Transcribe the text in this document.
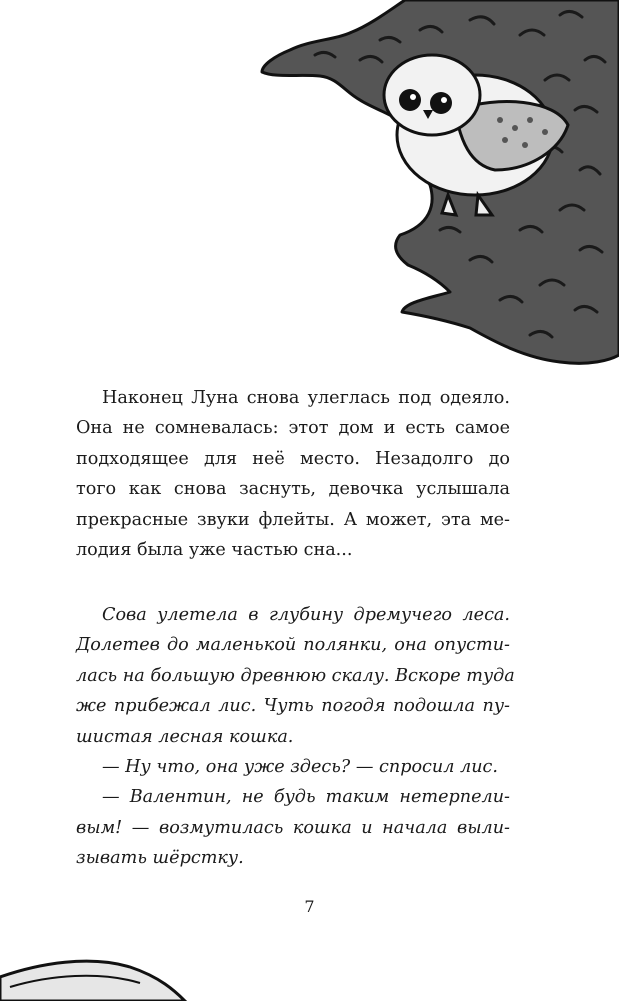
Наконец Луна снова улеглась под одеяло.
Она не сомневалась: этот дом и есть самое
подходящее для неё место. Незадолго до
того как снова заснуть, девочка услышала
прекрасные звуки флейты. А может, эта ме-
лодия была уже частью сна...
Сова улетела в глубину дремучего леса.
Долетев до маленькой полянки, она опусти-
лась на большую древнюю скалу. Вскоре туда
же прибежал лис. Чуть погодя подошла пу-
шистая лесная кошка.
— Ну что, она уже здесь? — спросил лис.
— Валентин, не будь таким нетерпели-
вым! — возмутилась кошка и начала выли-
зывать шёрстку.
7
